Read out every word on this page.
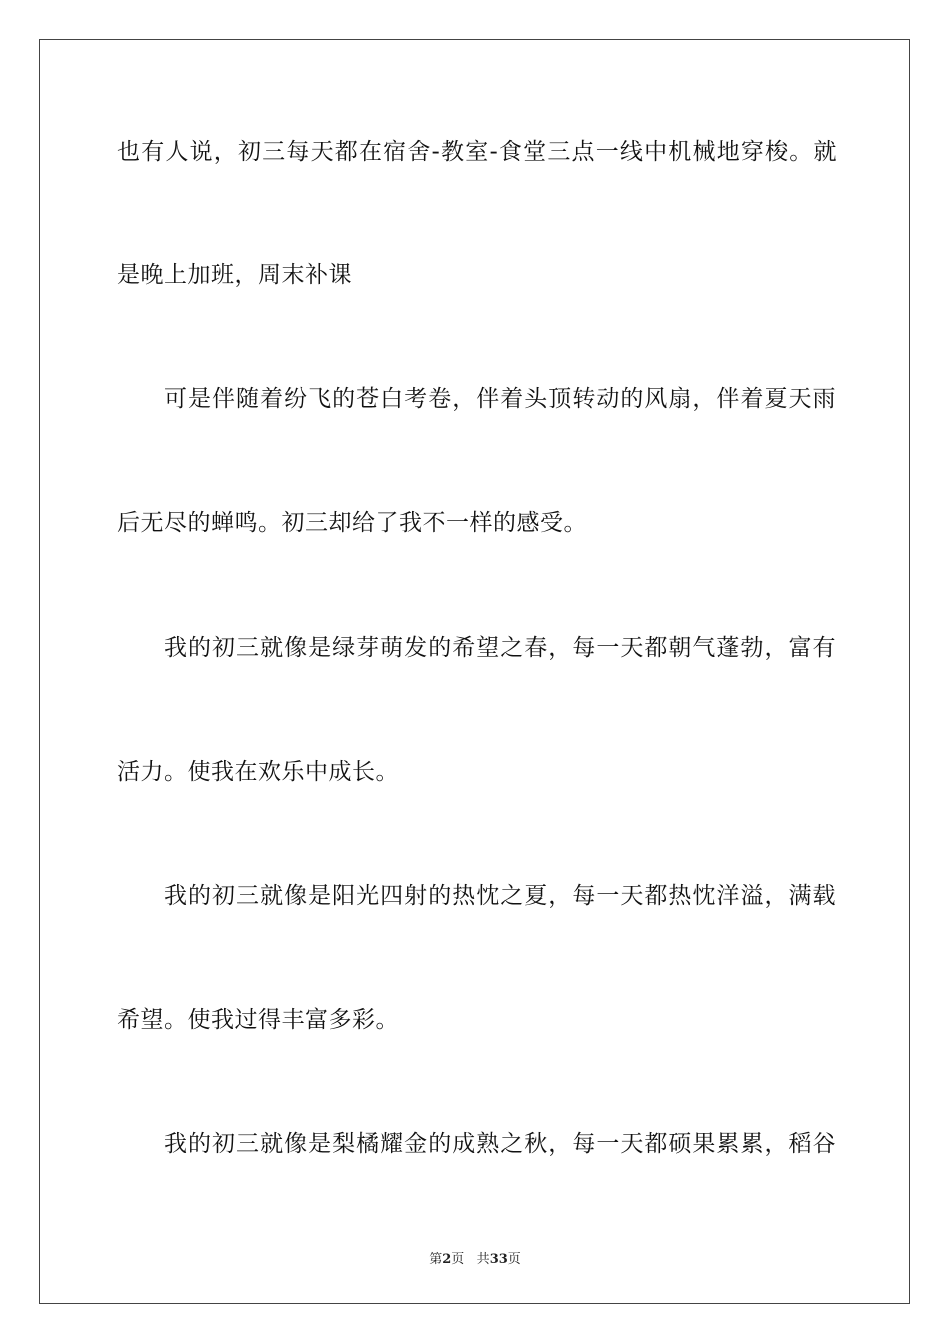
也有人说，初三每天都在宿舍-教室-食堂三点一线中机械地穿梭。就
是晚上加班，周末补课
可是伴随着纷飞的苍白考卷，伴着头顶转动的风扇，伴着夏天雨
后无尽的蝉鸣。初三却给了我不一样的感受。
我的初三就像是绿芽萌发的希望之春，每一天都朝气蓬勃，富有
活力。使我在欢乐中成长。
我的初三就像是阳光四射的热忱之夏，每一天都热忱洋溢，满载
希望。使我过得丰富多彩。
我的初三就像是梨橘耀金的成熟之秋，每一天都硕果累累，稻谷
第2页 共33页
